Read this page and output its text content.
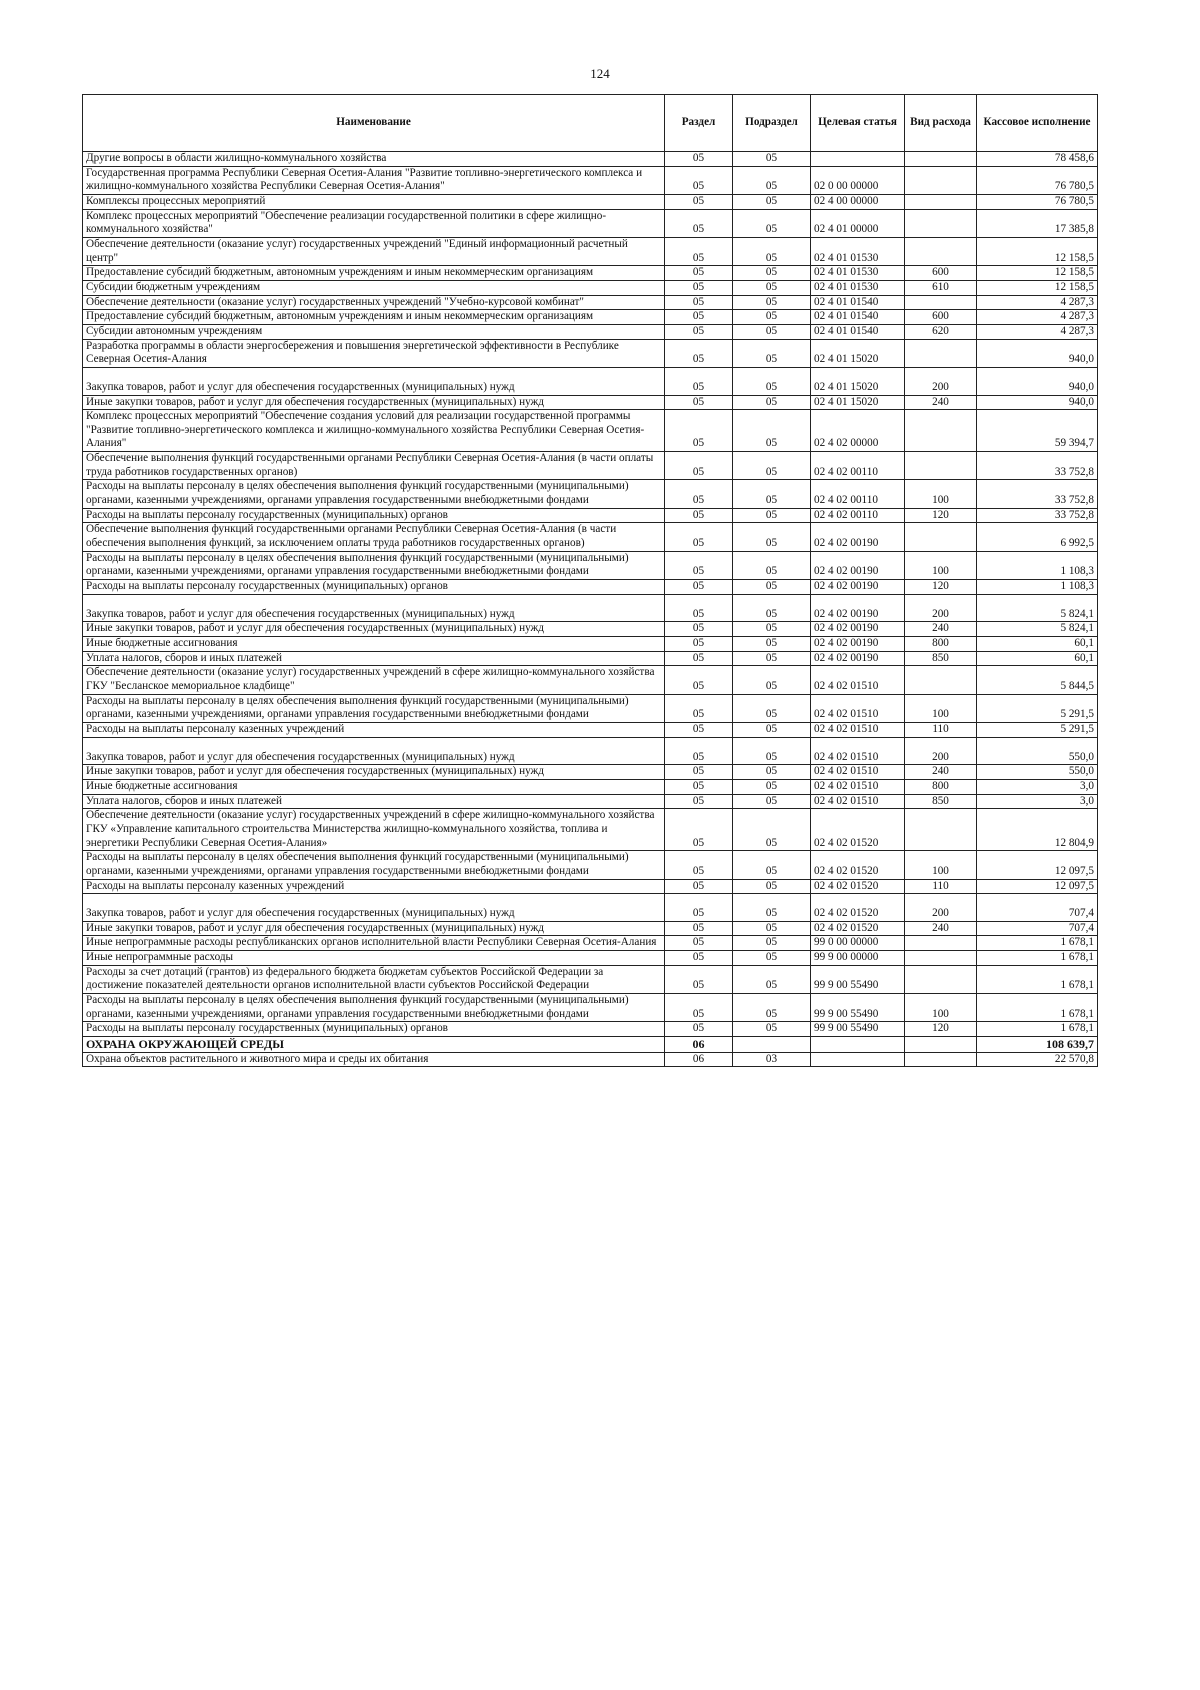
124
Наименование	Раздел	Подраздел	Целевая статья	Вид расхода	Кассовое исполнение
Другие вопросы в области жилищно-коммунального хозяйства	05	05			78 458,6
Государственная программа Республики Северная Осетия-Алания "Развитие топливно-энергетического комплекса и жилищно-коммунального хозяйства Республики Северная Осетия-Алания"	05	05	02 0 00 00000		76 780,5
Комплексы процессных мероприятий	05	05	02 4 00 00000		76 780,5
Комплекс процессных мероприятий "Обеспечение реализации государственной политики в сфере жилищно-коммунального хозяйства"	05	05	02 4 01 00000		17 385,8
Обеспечение деятельности (оказание услуг) государственных учреждений "Единый информационный расчетный центр"	05	05	02 4 01 01530		12 158,5
Предоставление субсидий бюджетным, автономным учреждениям и иным некоммерческим организациям	05	05	02 4 01 01530	600	12 158,5
Субсидии бюджетным учреждениям	05	05	02 4 01 01530	610	12 158,5
Обеспечение деятельности (оказание услуг) государственных учреждений "Учебно-курсовой комбинат"	05	05	02 4 01 01540		4 287,3
Предоставление субсидий бюджетным, автономным учреждениям и иным некоммерческим организациям	05	05	02 4 01 01540	600	4 287,3
Субсидии автономным учреждениям	05	05	02 4 01 01540	620	4 287,3
Разработка программы в области энергосбережения и повышения энергетической эффективности в Республике Северная Осетия-Алания	05	05	02 4 01 15020		940,0
Закупка товаров, работ и услуг для обеспечения государственных (муниципальных) нужд	05	05	02 4 01 15020	200	940,0
Иные закупки товаров, работ и услуг для обеспечения государственных (муниципальных) нужд	05	05	02 4 01 15020	240	940,0
Комплекс процессных мероприятий "Обеспечение создания условий для реализации государственной программы "Развитие топливно-энергетического комплекса и жилищно-коммунального хозяйства Республики Северная Осетия-Алания"	05	05	02 4 02 00000		59 394,7
Обеспечение выполнения функций государственными органами Республики Северная Осетия-Алания (в части оплаты труда работников государственных органов)	05	05	02 4 02 00110		33 752,8
Расходы на выплаты персоналу в целях обеспечения выполнения функций государственными (муниципальными) органами, казенными учреждениями, органами управления государственными внебюджетными фондами	05	05	02 4 02 00110	100	33 752,8
Расходы на выплаты персоналу государственных (муниципальных) органов	05	05	02 4 02 00110	120	33 752,8
Обеспечение выполнения функций государственными органами Республики Северная Осетия-Алания (в части обеспечения выполнения функций, за исключением оплаты труда работников государственных органов)	05	05	02 4 02 00190		6 992,5
Расходы на выплаты персоналу в целях обеспечения выполнения функций государственными (муниципальными) органами, казенными учреждениями, органами управления государственными внебюджетными фондами	05	05	02 4 02 00190	100	1 108,3
Расходы на выплаты персоналу государственных (муниципальных) органов	05	05	02 4 02 00190	120	1 108,3
Закупка товаров, работ и услуг для обеспечения государственных (муниципальных) нужд	05	05	02 4 02 00190	200	5 824,1
Иные закупки товаров, работ и услуг для обеспечения государственных (муниципальных) нужд	05	05	02 4 02 00190	240	5 824,1
Иные бюджетные ассигнования	05	05	02 4 02 00190	800	60,1
Уплата налогов, сборов и иных платежей	05	05	02 4 02 00190	850	60,1
Обеспечение деятельности (оказание услуг) государственных учреждений в сфере жилищно-коммунального хозяйства ГКУ "Бесланское мемориальное кладбище"	05	05	02 4 02 01510		5 844,5
Расходы на выплаты персоналу в целях обеспечения выполнения функций государственными (муниципальными) органами, казенными учреждениями, органами управления государственными внебюджетными фондами	05	05	02 4 02 01510	100	5 291,5
Расходы на выплаты персоналу казенных учреждений	05	05	02 4 02 01510	110	5 291,5
Закупка товаров, работ и услуг для обеспечения государственных (муниципальных) нужд	05	05	02 4 02 01510	200	550,0
Иные закупки товаров, работ и услуг для обеспечения государственных (муниципальных) нужд	05	05	02 4 02 01510	240	550,0
Иные бюджетные ассигнования	05	05	02 4 02 01510	800	3,0
Уплата налогов, сборов и иных платежей	05	05	02 4 02 01510	850	3,0
Обеспечение деятельности (оказание услуг) государственных учреждений в сфере жилищно-коммунального хозяйства ГКУ «Управление капитального строительства Министерства жилищно-коммунального хозяйства, топлива и энергетики Республики Северная Осетия-Алания»	05	05	02 4 02 01520		12 804,9
Расходы на выплаты персоналу в целях обеспечения выполнения функций государственными (муниципальными) органами, казенными учреждениями, органами управления государственными внебюджетными фондами	05	05	02 4 02 01520	100	12 097,5
Расходы на выплаты персоналу казенных учреждений	05	05	02 4 02 01520	110	12 097,5
Закупка товаров, работ и услуг для обеспечения государственных (муниципальных) нужд	05	05	02 4 02 01520	200	707,4
Иные закупки товаров, работ и услуг для обеспечения государственных (муниципальных) нужд	05	05	02 4 02 01520	240	707,4
Иные непрограммные расходы республиканских органов исполнительной власти Республики Северная Осетия-Алания	05	05	99 0 00 00000		1 678,1
Иные непрограммные расходы	05	05	99 9 00 00000		1 678,1
Расходы за счет дотаций (грантов) из федерального бюджета бюджетам субъектов Российской Федерации за достижение показателей деятельности органов исполнительной власти субъектов Российской Федерации	05	05	99 9 00 55490		1 678,1
Расходы на выплаты персоналу в целях обеспечения выполнения функций государственными (муниципальными) органами, казенными учреждениями, органами управления государственными внебюджетными фондами	05	05	99 9 00 55490	100	1 678,1
Расходы на выплаты персоналу государственных (муниципальных) органов	05	05	99 9 00 55490	120	1 678,1
ОХРАНА ОКРУЖАЮЩЕЙ СРЕДЫ	06				108 639,7
Охрана объектов растительного и животного мира и среды их обитания	06	03			22 570,8
